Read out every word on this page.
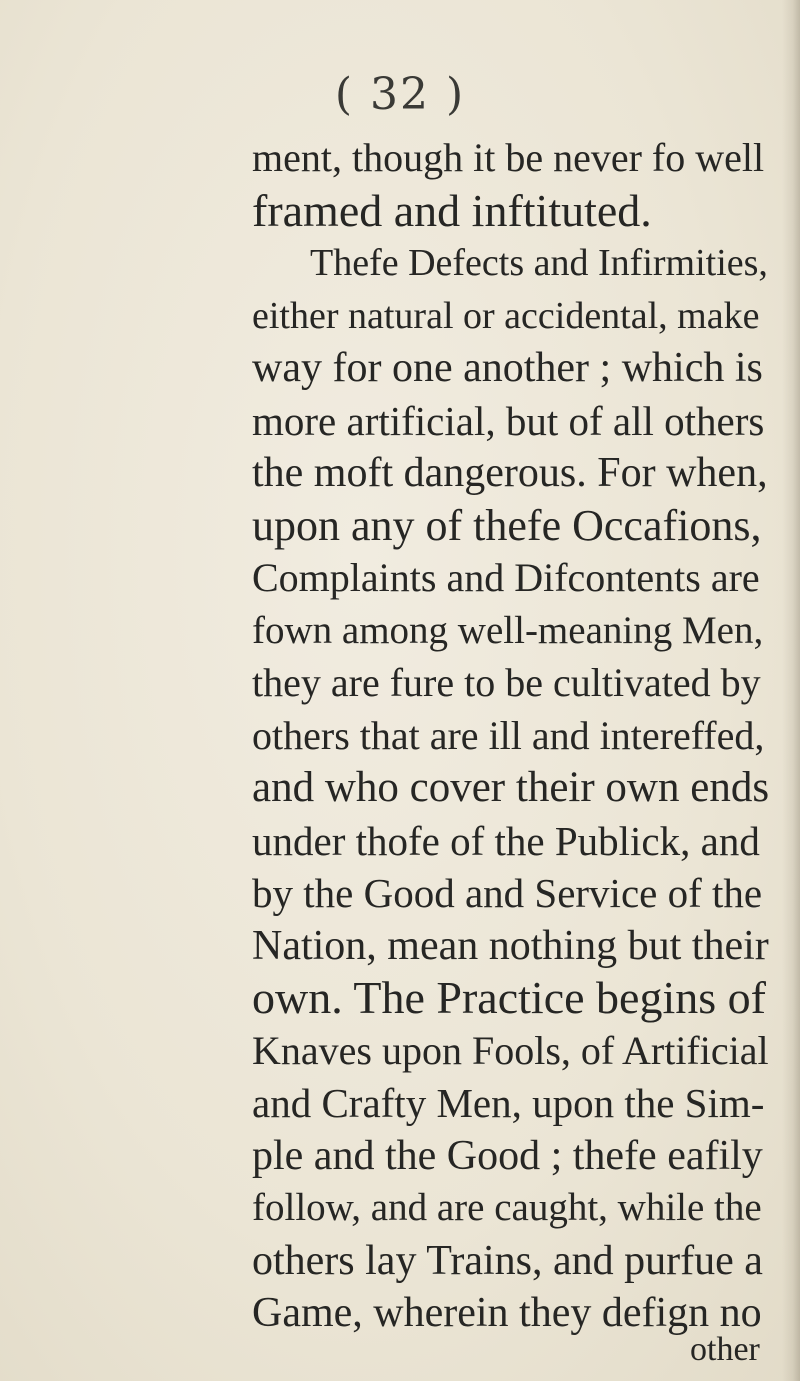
( 32 )
ment, though it be never fo well
framed and inftituted.
Thefe Defects and Infirmities,
either natural or accidental, make
way for one another ; which is
more artificial, but of all others
the moft dangerous. For when,
upon any of thefe Occafions,
Complaints and Difcontents are
fown among well-meaning Men,
they are fure to be cultivated by
others that are ill and intereffed,
and who cover their own ends
under thofe of the Publick, and
by the Good and Service of the
Nation, mean nothing but their
own. The Practice begins of
Knaves upon Fools, of Artificial
and Crafty Men, upon the Sim-
ple and the Good ; thefe eafily
follow, and are caught, while the
others lay Trains, and purfue a
Game, wherein they defign no
other
